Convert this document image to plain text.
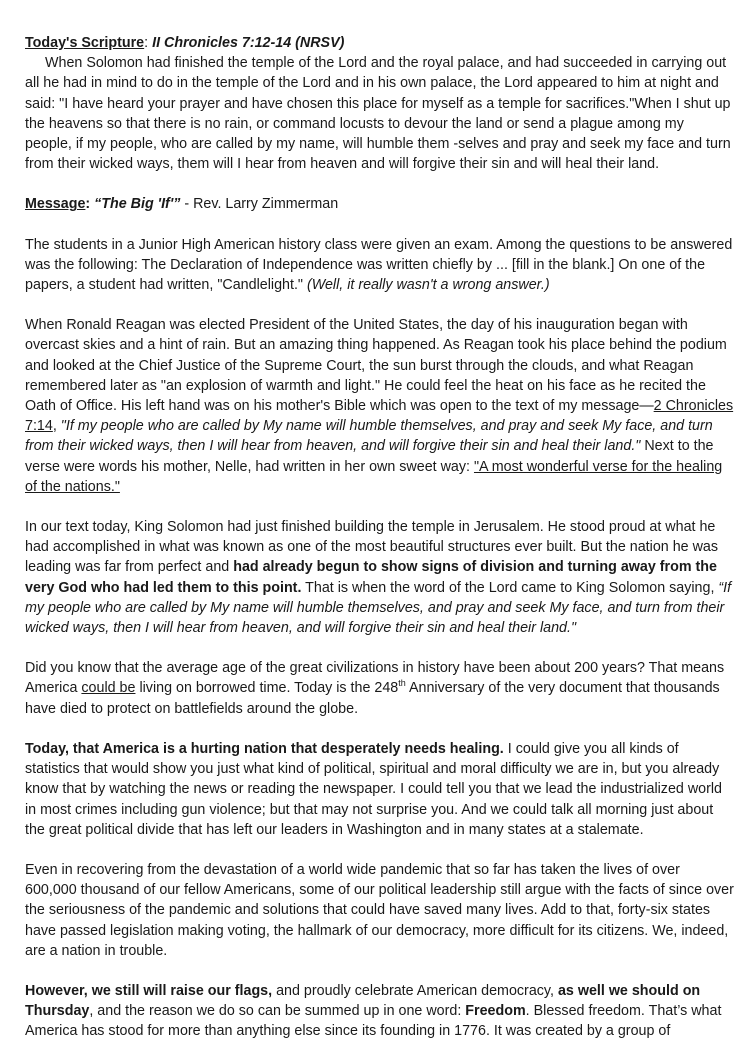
Today's Scripture: II Chronicles 7:12-14 (NRSV)

When Solomon had finished the temple of the Lord and the royal palace, and had succeeded in carrying out all he had in mind to do in the temple of the Lord and in his own palace, the Lord appeared to him at night and said: "I have heard your prayer and have chosen this place for myself as a temple for sacrifices."When I shut up the heavens so that there is no rain, or command locusts to devour the land or send a plague among my people, if my people, who are called by my name, will humble them -selves and pray and seek my face and turn from their wicked ways, them will I hear from heaven and will forgive their sin and will heal their land.

Message: “The Big 'If'” - Rev. Larry Zimmerman

The students in a Junior High American history class were given an exam. Among the questions to be answered was the following: The Declaration of Independence was written chiefly by ... [fill in the blank.] On one of the papers, a student had written, "Candlelight." (Well, it really wasn't a wrong answer.)

When Ronald Reagan was elected President of the United States, the day of his inauguration began with overcast skies and a hint of rain. But an amazing thing happened. As Reagan took his place behind the podium and looked at the Chief Justice of the Supreme Court, the sun burst through the clouds, and what Reagan remembered later as "an explosion of warmth and light." He could feel the heat on his face as he recited the Oath of Office. His left hand was on his mother's Bible which was open to the text of my message—2 Chronicles 7:14, "If my people who are called by My name will humble themselves, and pray and seek My face, and turn from their wicked ways, then I will hear from heaven, and will forgive their sin and heal their land." Next to the verse were words his mother, Nelle, had written in her own sweet way: "A most wonderful verse for the healing of the nations."

In our text today, King Solomon had just finished building the temple in Jerusalem. He stood proud at what he had accomplished in what was known as one of the most beautiful structures ever built. But the nation he was leading was far from perfect and had already begun to show signs of division and turning away from the very God who had led them to this point. That is when the word of the Lord came to King Solomon saying, “If my people who are called by My name will humble themselves, and pray and seek My face, and turn from their wicked ways, then I will hear from heaven, and will forgive their sin and heal their land."

Did you know that the average age of the great civilizations in history have been about 200 years? That means America could be living on borrowed time. Today is the 248th Anniversary of the very document that thousands have died to protect on battlefields around the globe.

Today, that America is a hurting nation that desperately needs healing. I could give you all kinds of statistics that would show you just what kind of political, spiritual and moral difficulty we are in, but you already know that by watching the news or reading the newspaper. I could tell you that we lead the industrialized world in most crimes including gun violence; but that may not surprise you. And we could talk all morning just about the great political divide that has left our leaders in Washington and in many states at a stalemate.

Even in recovering from the devastation of a world wide pandemic that so far has taken the lives of over 600,000 thousand of our fellow Americans, some of our political leadership still argue with the facts of since over the seriousness of the pandemic and solutions that could have saved many lives. Add to that, forty-six states have passed legislation making voting, the hallmark of our democracy, more difficult for its citizens. We, indeed, are a nation in trouble.

However, we still will raise our flags, and proudly celebrate American democracy, as well we should on Thursday, and the reason we do so can be summed up in one word: Freedom. Blessed freedom. That’s what America has stood for more than anything else since its founding in 1776. It was created by a group of
